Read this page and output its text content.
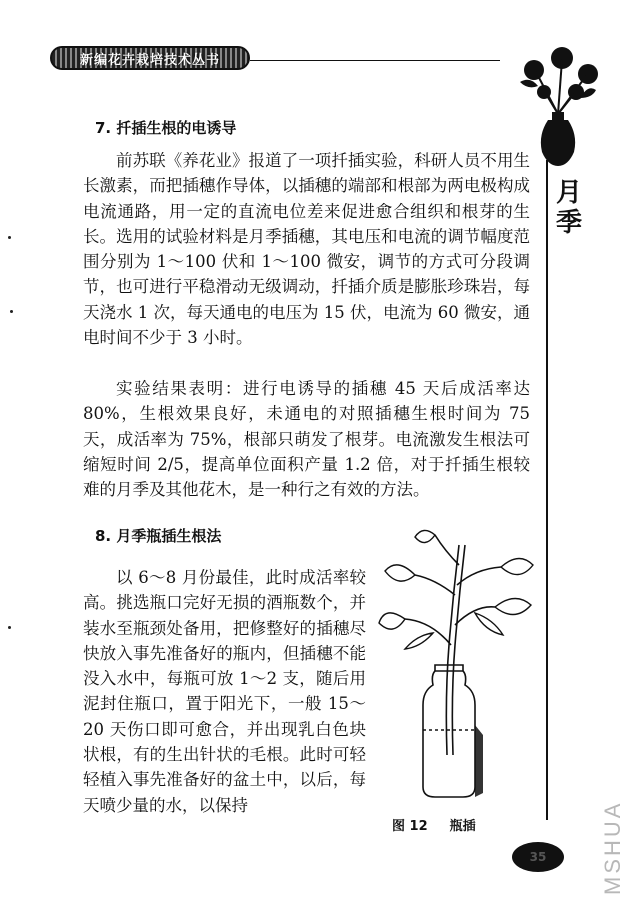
新编花卉栽培技术丛书
月季
7. 扦插生根的电诱导

前苏联《养花业》报道了一项扦插实验，科研人员不用生长激素，而把插穗作导体，以插穗的端部和根部为两电极构成电流通路，用一定的直流电位差来促进愈合组织和根芽的生长。选用的试验材料是月季插穗，其电压和电流的调节幅度范围分别为 1～100 伏和 1～100 微安，调节的方式可分段调节，也可进行平稳滑动无级调动，扦插介质是膨胀珍珠岩，每天浇水 1 次，每天通电的电压为 15 伏，电流为 60 微安，通电时间不少于 3 小时。

实验结果表明：进行电诱导的插穗 45 天后成活率达 80%，生根效果良好，未通电的对照插穗生根时间为 75 天，成活率为 75%，根部只萌发了根芽。电流激发生根法可缩短时间 2/5，提高单位面积产量 1.2 倍，对于扦插生根较难的月季及其他花木，是一种行之有效的方法。

8. 月季瓶插生根法

以 6～8 月份最佳，此时成活率较高。挑选瓶口完好无损的酒瓶数个，并装水至瓶颈处备用，把修整好的插穗尽快放入事先准备好的瓶内，但插穗不能没入水中，每瓶可放 1～2 支，随后用泥封住瓶口，置于阳光下，一般 15～20 天伤口即可愈合，并出现乳白色块状根，有的生出针状的毛根。此时可轻轻植入事先准备好的盆土中，以后，每天喷少量的水，以保持

图 12 瓶插
35 MSHUA
